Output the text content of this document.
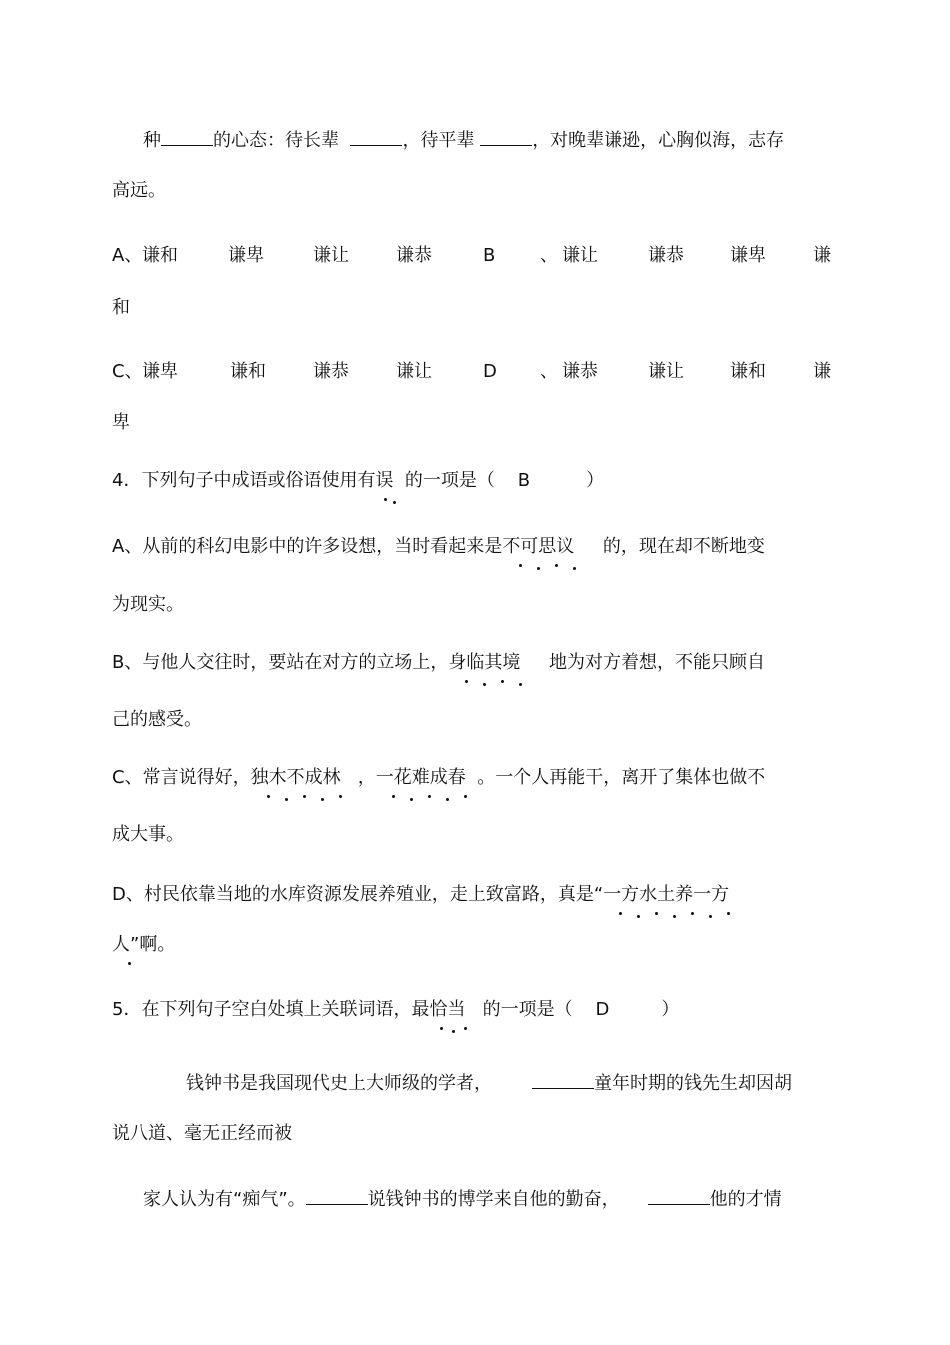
种	的心态：待长辈	，待平辈	，对晚辈谦逊，心胸似海，志存
高远。
A、 谦和	谦卑	谦让	谦恭	B 、 谦让	谦恭	谦卑	谦
和
C、 谦卑	谦和	谦恭	谦让	D 、 谦恭	谦让	谦和	谦
卑
4．下列句子中成语或俗语使用有误 的一项是（ B	）
A、从前的科幻电影中的许多设想，当时看起来是不可思议 的，现在却不断地变
为现实。
B、与他人交往时，要站在对方的立场上，身临其境 地为对方着想，不能只顾自
己的感受。
C、常言说得好，独木不成林 ，一花难成春 。一个人再能干，离开了集体也做不
成大事。
D、村民依靠当地的水库资源发展养殖业，走上致富路，真是“一方水土养一方
人
”啊。
5．在下列句子空白处填上关联词语，最恰当 的一项是（ D	）
钱钟书是我国现代史上大师级的学者，	童年时期的钱先生却因胡
说八道、毫无正经而被
家人认为有“痴气”。	说钱钟书的博学来自他的勤奋，	他的才情
